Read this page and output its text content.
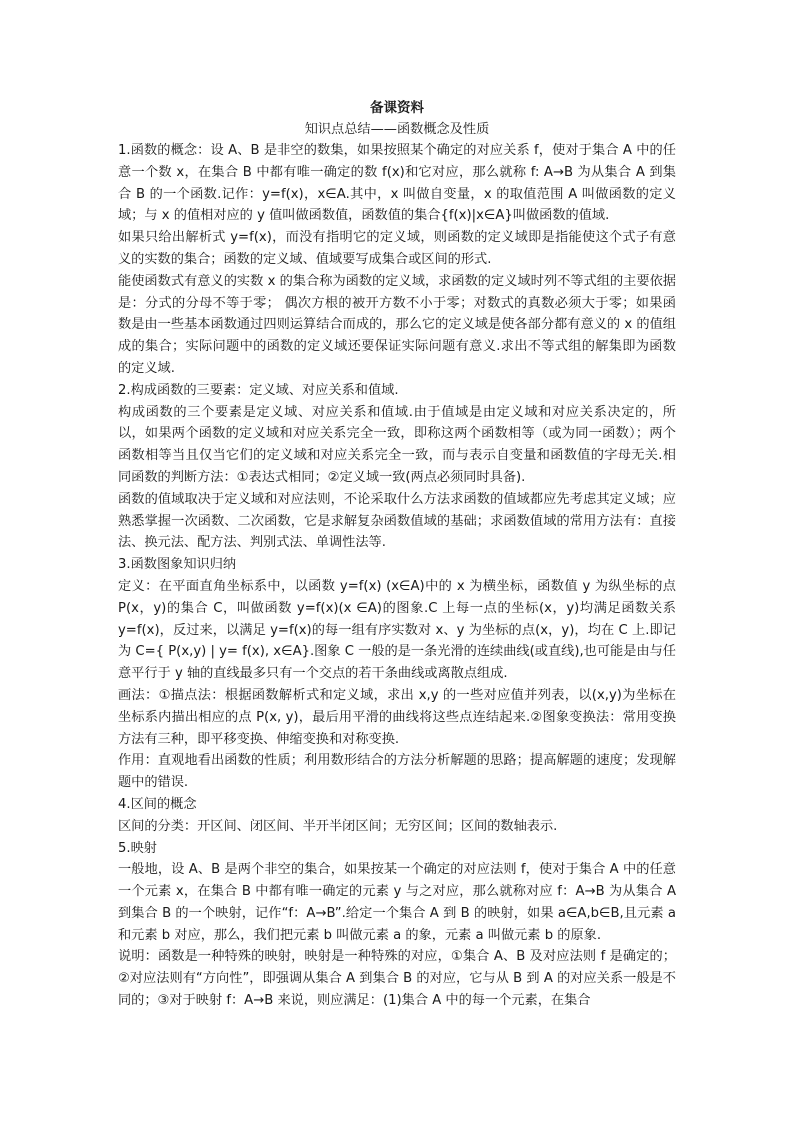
备课资料
知识点总结——函数概念及性质

1.函数的概念：设 A、B 是非空的数集，如果按照某个确定的对应关系 f，使对于集合 A 中的任意一个数 x，在集合 B 中都有唯一确定的数 f(x)和它对应，那么就称 f: A→B 为从集合 A 到集合 B 的一个函数.记作：y=f(x)，x∈A.其中，x 叫做自变量，x 的取值范围 A 叫做函数的定义域；与 x 的值相对应的 y 值叫做函数值，函数值的集合{f(x)|x∈A}叫做函数的值域.

如果只给出解析式 y=f(x)，而没有指明它的定义域，则函数的定义域即是指能使这个式子有意义的实数的集合；函数的定义域、值域要写成集合或区间的形式.

能使函数式有意义的实数 x 的集合称为函数的定义域，求函数的定义域时列不等式组的主要依据是：分式的分母不等于零； 偶次方根的被开方数不小于零；对数式的真数必须大于零；如果函数是由一些基本函数通过四则运算结合而成的，那么它的定义域是使各部分都有意义的 x 的值组成的集合；实际问题中的函数的定义域还要保证实际问题有意义.求出不等式组的解集即为函数的定义域.

2.构成函数的三要素：定义域、对应关系和值域.

构成函数的三个要素是定义域、对应关系和值域.由于值域是由定义域和对应关系决定的，所以，如果两个函数的定义域和对应关系完全一致，即称这两个函数相等（或为同一函数）；两个函数相等当且仅当它们的定义域和对应关系完全一致，而与表示自变量和函数值的字母无关.相同函数的判断方法：①表达式相同；②定义域一致(两点必须同时具备).

函数的值域取决于定义域和对应法则，不论采取什么方法求函数的值域都应先考虑其定义域；应熟悉掌握一次函数、二次函数，它是求解复杂函数值域的基础；求函数值域的常用方法有：直接法、换元法、配方法、判别式法、单调性法等.

3.函数图象知识归纳

定义：在平面直角坐标系中，以函数 y=f(x) (x∈A)中的 x 为横坐标，函数值 y 为纵坐标的点 P(x，y)的集合 C，叫做函数 y=f(x)(x ∈A)的图象.C 上每一点的坐标(x，y)均满足函数关系 y=f(x)，反过来，以满足 y=f(x)的每一组有序实数对 x、y 为坐标的点(x，y)，均在 C 上.即记为 C={ P(x,y) | y= f(x), x∈A}.图象 C 一般的是一条光滑的连续曲线(或直线),也可能是由与任意平行于 y 轴的直线最多只有一个交点的若干条曲线或离散点组成.

画法：①描点法：根据函数解析式和定义域，求出 x,y 的一些对应值并列表，以(x,y)为坐标在坐标系内描出相应的点 P(x, y)，最后用平滑的曲线将这些点连结起来.②图象变换法：常用变换方法有三种，即平移变换、伸缩变换和对称变换.

作用：直观地看出函数的性质；利用数形结合的方法分析解题的思路；提高解题的速度；发现解题中的错误.

4.区间的概念

区间的分类：开区间、闭区间、半开半闭区间；无穷区间；区间的数轴表示.

5.映射

一般地，设 A、B 是两个非空的集合，如果按某一个确定的对应法则 f，使对于集合 A 中的任意一个元素 x，在集合 B 中都有唯一确定的元素 y 与之对应，那么就称对应 f：A→B 为从集合 A 到集合 B 的一个映射，记作“f：A→B”.给定一个集合 A 到 B 的映射，如果 a∈A,b∈B,且元素 a 和元素 b 对应，那么，我们把元素 b 叫做元素 a 的象，元素 a 叫做元素 b 的原象.

说明：函数是一种特殊的映射，映射是一种特殊的对应，①集合 A、B 及对应法则 f 是确定的；②对应法则有“方向性”，即强调从集合 A 到集合 B 的对应，它与从 B 到 A 的对应关系一般是不同的；③对于映射 f：A→B 来说，则应满足：(1)集合 A 中的每一个元素，在集合
